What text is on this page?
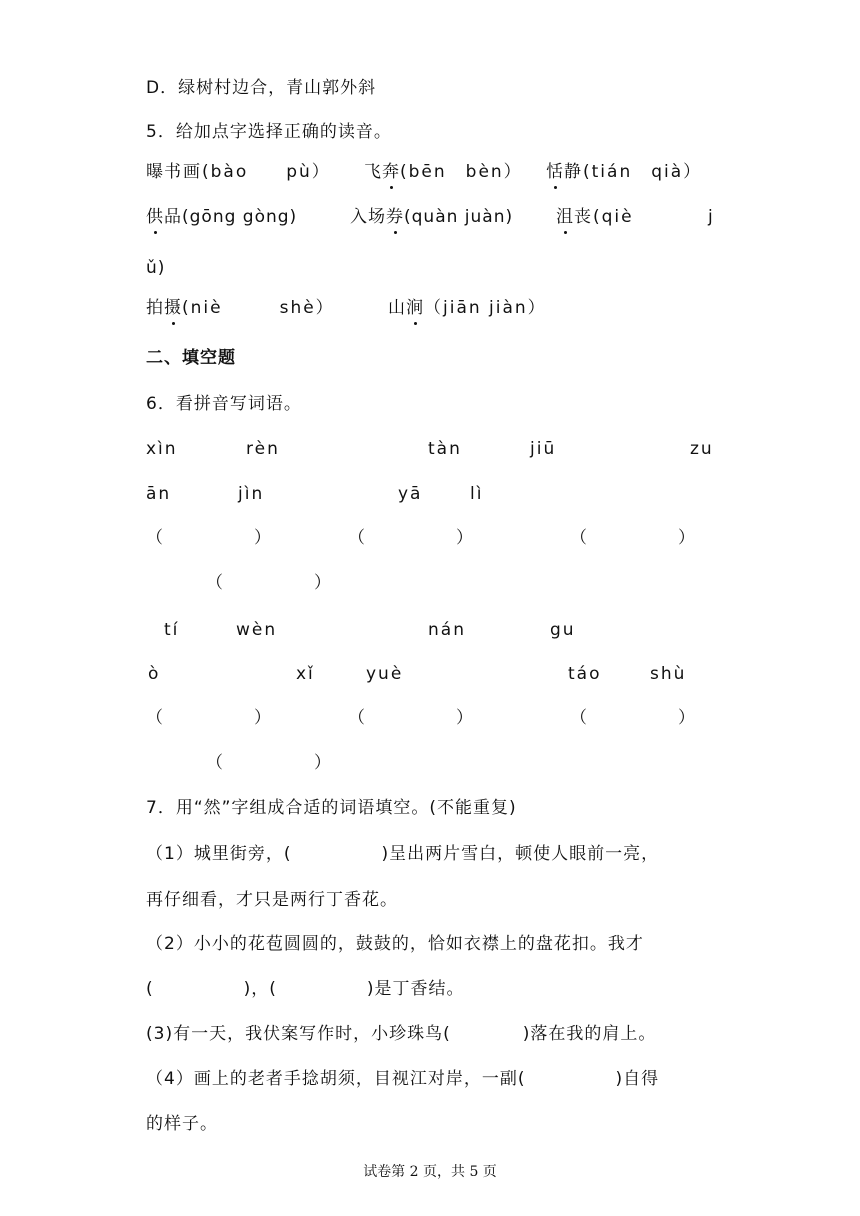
D．绿树村边合，青山郭外斜
5．给加点字选择正确的读音。
曝书画(bào　　pù） 飞奔(bēn　bèn） 恬静(tián　qià）
供品(gōng gòng)	入场券(quàn juàn)	沮丧(qiè	j
ǔ)
拍摄(niè　　　shè）	山涧（jiān jiàn）
二、填空题
6．看拼音写词语。
xìn	rèn	tàn	jiū	zu
ān	jìn	yā	lì
（	）	（	）	（	）
（	）
tí	wèn	nán	gu
ò	xǐ	yuè	táo	shù
（	）	（	）	（	）
（	）
7．用“然”字组成合适的词语填空。(不能重复)
（1）城里街旁，(　　　　　)呈出两片雪白，顿使人眼前一亮，
再仔细看，才只是两行丁香花。
（2）小小的花苞圆圆的，鼓鼓的，恰如衣襟上的盘花扣。我才
(　　　　　)，(　　　　　)是丁香结。
(3)有一天，我伏案写作时，小珍珠鸟(　　　　)落在我的肩上。
（4）画上的老者手捻胡须，目视江对岸，一副(　　　　　)自得
的样子。
试卷第 2 页，共 5 页
